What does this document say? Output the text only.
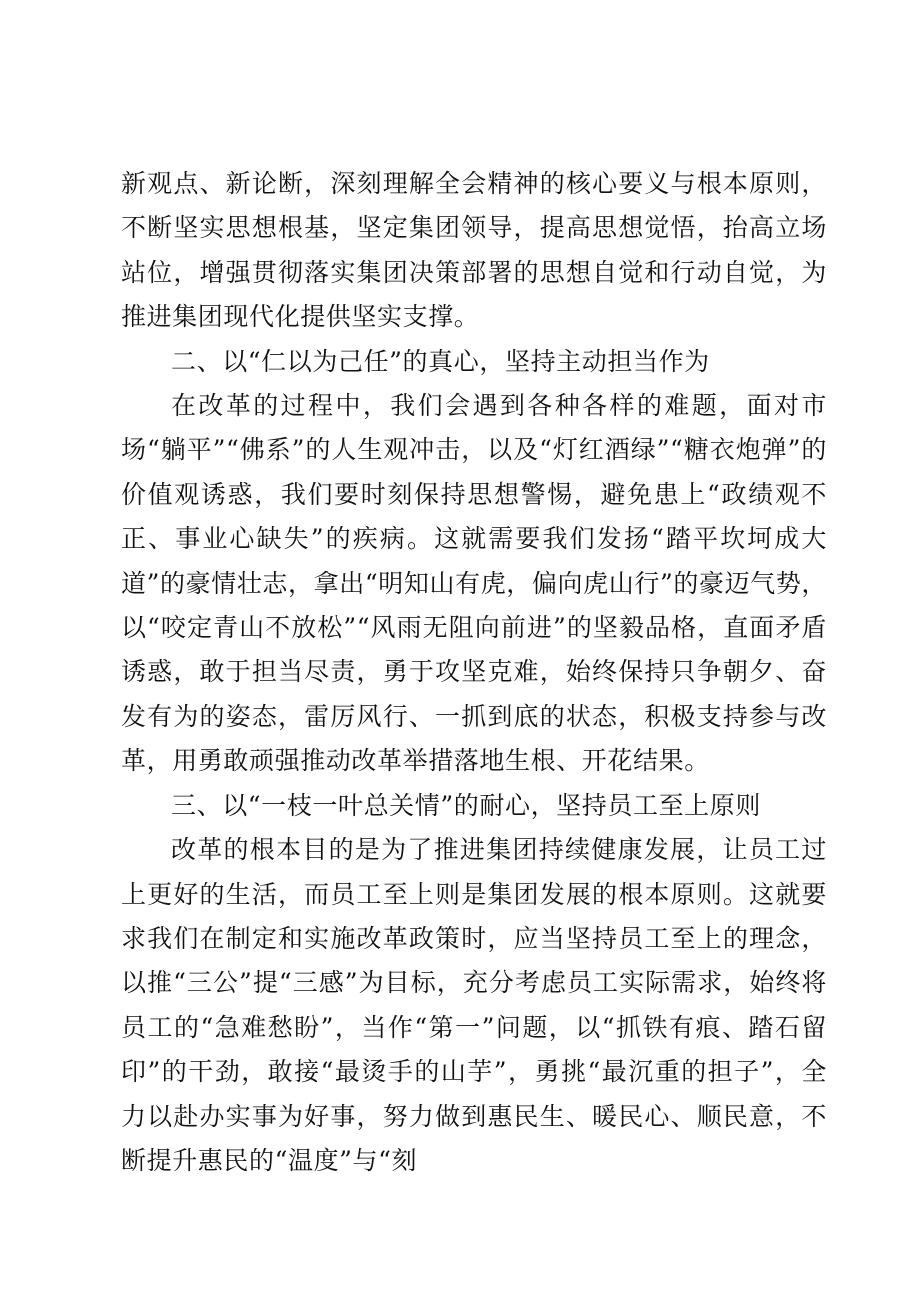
新观点、新论断，深刻理解全会精神的核心要义与根本原则，不断坚实思想根基，坚定集团领导，提高思想觉悟，抬高立场站位，增强贯彻落实集团决策部署的思想自觉和行动自觉，为推进集团现代化提供坚实支撑。

二、以“仁以为己任”的真心，坚持主动担当作为

在改革的过程中，我们会遇到各种各样的难题，面对市场“躺平”“佛系”的人生观冲击，以及“灯红酒绿”“糖衣炮弹”的价值观诱惑，我们要时刻保持思想警惕，避免患上“政绩观不正、事业心缺失”的疾病。这就需要我们发扬“踏平坎坷成大道”的豪情壮志，拿出“明知山有虎，偏向虎山行”的豪迈气势，以“咬定青山不放松”“风雨无阻向前进”的坚毅品格，直面矛盾诱惑，敢于担当尽责，勇于攻坚克难，始终保持只争朝夕、奋发有为的姿态，雷厉风行、一抓到底的状态，积极支持参与改革，用勇敢顽强推动改革举措落地生根、开花结果。

三、以“一枝一叶总关情”的耐心，坚持员工至上原则

改革的根本目的是为了推进集团持续健康发展，让员工过上更好的生活，而员工至上则是集团发展的根本原则。这就要求我们在制定和实施改革政策时，应当坚持员工至上的理念，以推“三公”提“三感”为目标，充分考虑员工实际需求，始终将员工的“急难愁盼”，当作“第一”问题，以“抓铁有痕、踏石留印”的干劲，敢接“最烫手的山芋”，勇挑“最沉重的担子”，全力以赴办实事为好事，努力做到惠民生、暖民心、顺民意，不断提升惠民的“温度”与“刻
